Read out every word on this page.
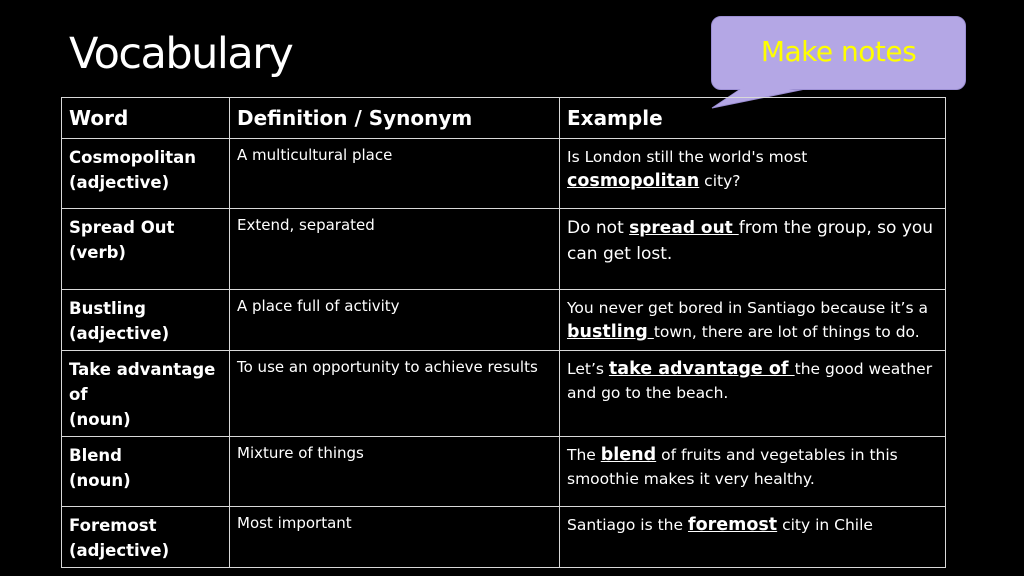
Vocabulary	Make notes
Word	Definition / Synonym	Example

Cosmopolitan
(adjective)	A multicultural place	Is London still the world's most cosmopolitan city?

Spread Out
(verb)	Extend, separated	Do not spread out from the group, so you can get lost.

Bustling
(adjective)	A place full of activity	You never get bored in Santiago because it’s a bustling town, there are lot of things to do.

Take advantage of
(noun)	To use an opportunity to achieve results	Let’s take advantage of the good weather and go to the beach.

Blend
(noun)	Mixture of things	The blend of fruits and vegetables in this smoothie makes it very healthy.

Foremost
(adjective)	Most important	Santiago is the foremost city in Chile
